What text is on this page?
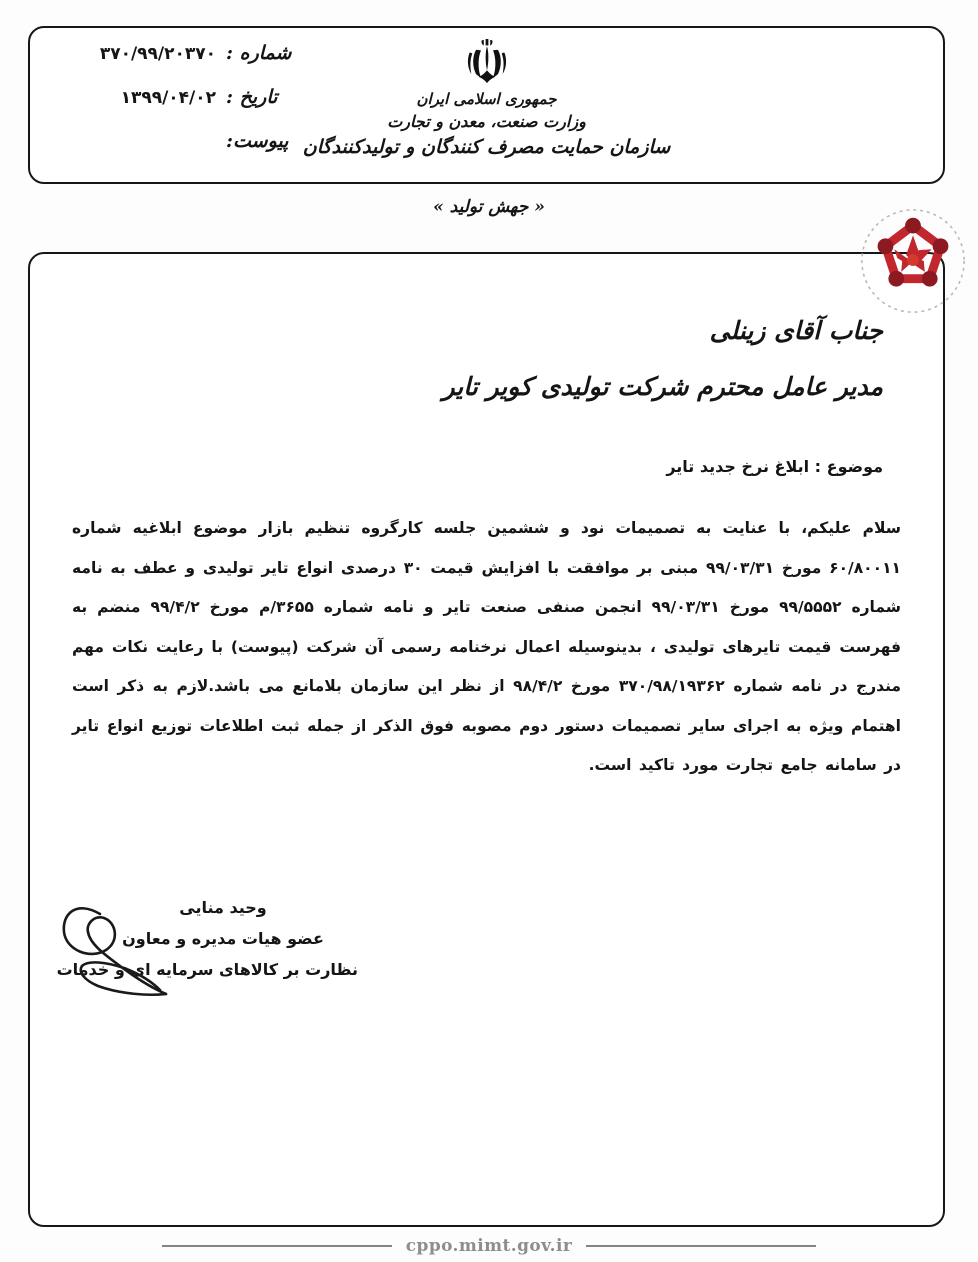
شماره :
۳۷۰/۹۹/۲۰۳۷۰
تاریخ :
۱۳۹۹/۰۴/۰۲
پیوست:
جمهوری اسلامی ایران
وزارت صنعت، معدن و تجارت
سازمان حمایت مصرف کنندگان و تولیدکنندگان
« جهش تولید »
جناب آقای زینلی
مدیر عامل محترم شرکت تولیدی کویر تایر
موضوع : ابلاغ نرخ جدید تایر
سلام علیکم، با عنایت به تصمیمات نود و ششمین جلسه کارگروه تنظیم بازار موضوع ابلاغیه شماره ۶۰/۸۰۰۱۱ مورخ ۹۹/۰۳/۳۱ مبنی بر موافقت با افزایش قیمت ۳۰ درصدی انواع تایر تولیدی و عطف به نامه شماره ۹۹/۵۵۵۲ مورخ ۹۹/۰۳/۳۱ انجمن صنفی صنعت تایر و نامه شماره ۳۶۵۵/م مورخ ۹۹/۴/۲ منضم به فهرست قیمت تایرهای تولیدی ، بدینوسیله اعمال نرخنامه رسمی آن شرکت (پیوست) با رعایت نکات مهم مندرج در نامه شماره ۳۷۰/۹۸/۱۹۳۶۲ مورخ ۹۸/۴/۲ از نظر این سازمان بلامانع می باشد.لازم به ذکر است اهتمام ویژه به اجرای سایر تصمیمات دستور دوم مصوبه فوق الذکر از جمله ثبت اطلاعات توزیع انواع تایر در سامانه جامع تجارت مورد تاکید است.
وحید منایی
عضو هیات مدیره و معاون
نظارت بر کالاهای سرمایه ای و خدمات
cppo.mimt.gov.ir
